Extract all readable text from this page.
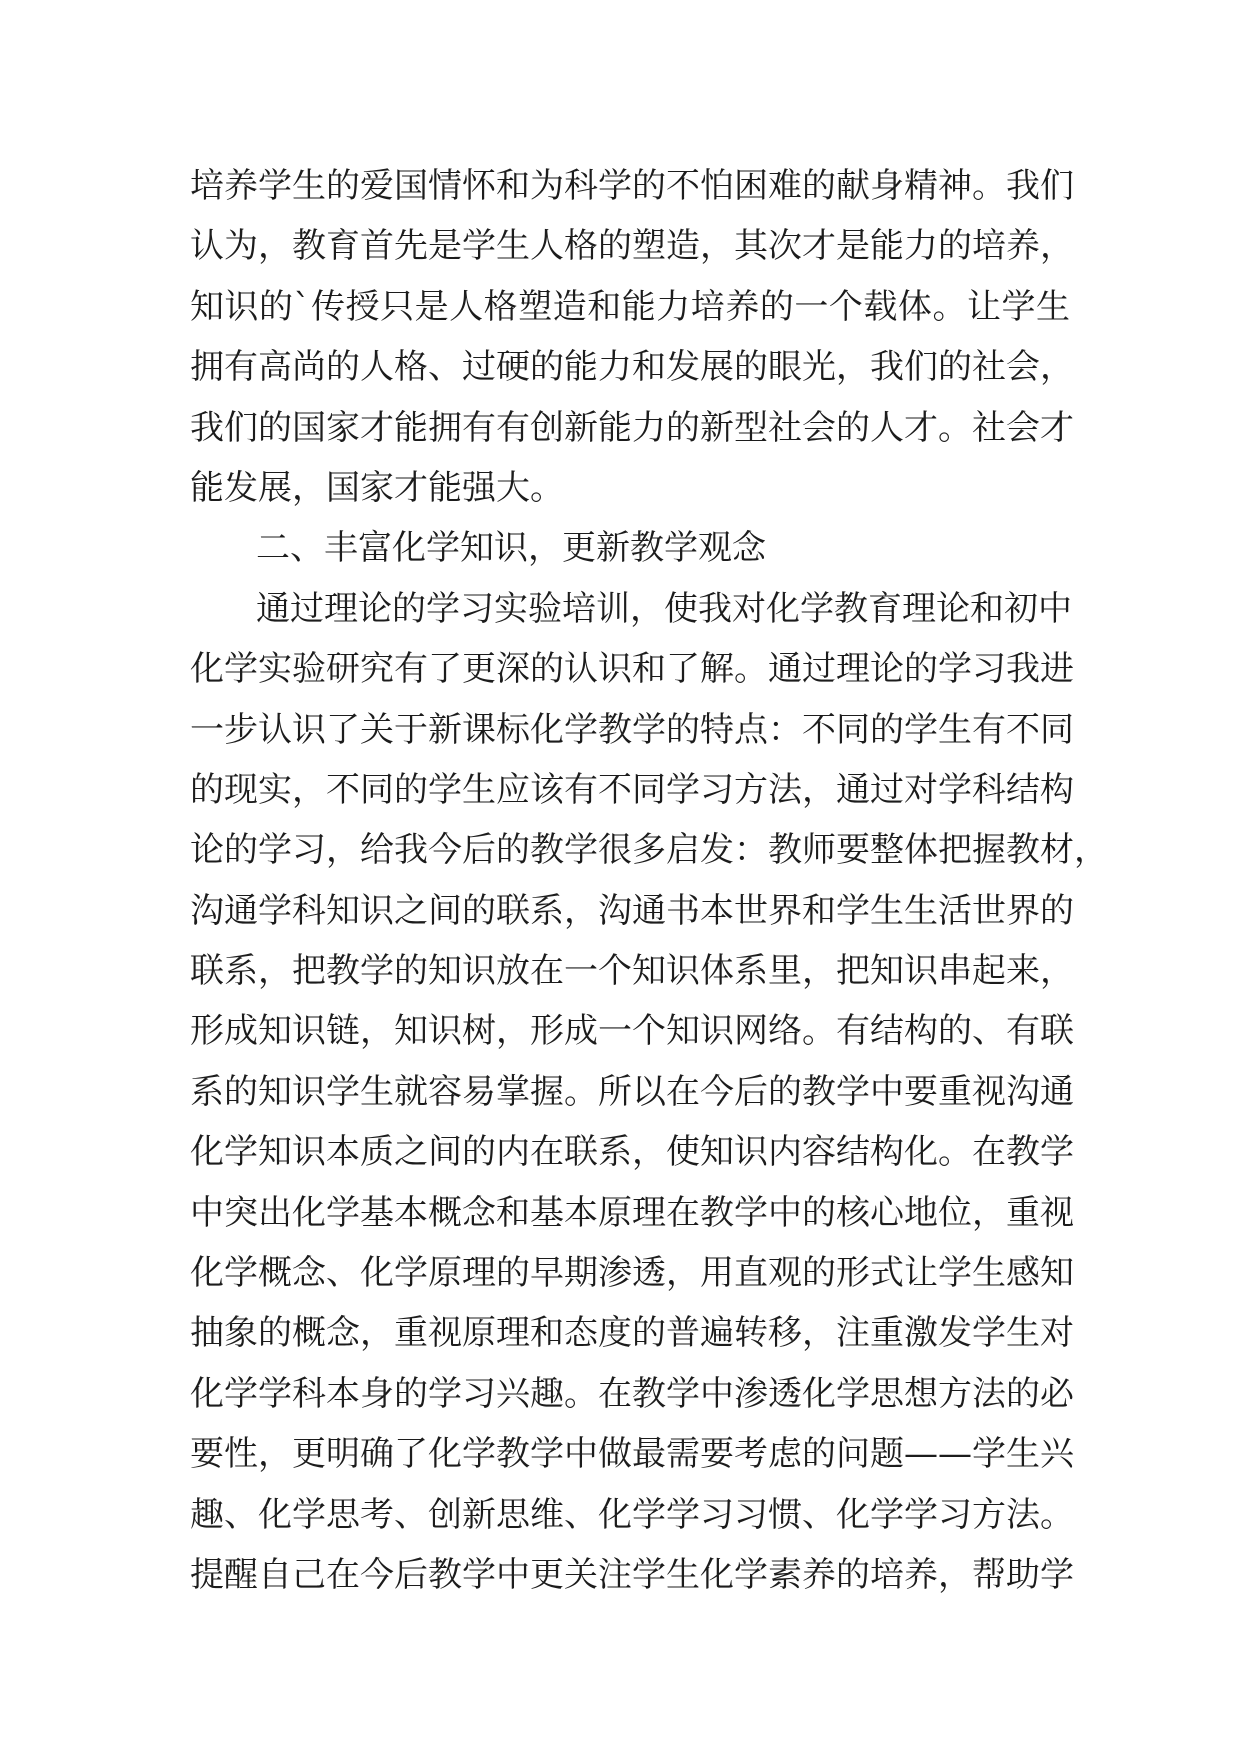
培养学生的爱国情怀和为科学的不怕困难的献身精神。我们
认为，教育首先是学生人格的塑造，其次才是能力的培养，
知识的`传授只是人格塑造和能力培养的一个载体。让学生
拥有高尚的人格、过硬的能力和发展的眼光，我们的社会，
我们的国家才能拥有有创新能力的新型社会的人才。社会才
能发展，国家才能强大。
二、丰富化学知识，更新教学观念
通过理论的学习实验培训，使我对化学教育理论和初中
化学实验研究有了更深的认识和了解。通过理论的学习我进
一步认识了关于新课标化学教学的特点：不同的学生有不同
的现实，不同的学生应该有不同学习方法，通过对学科结构
论的学习，给我今后的教学很多启发：教师要整体把握教材，
沟通学科知识之间的联系，沟通书本世界和学生生活世界的
联系，把教学的知识放在一个知识体系里，把知识串起来，
形成知识链，知识树，形成一个知识网络。有结构的、有联
系的知识学生就容易掌握。所以在今后的教学中要重视沟通
化学知识本质之间的内在联系，使知识内容结构化。在教学
中突出化学基本概念和基本原理在教学中的核心地位，重视
化学概念、化学原理的早期渗透，用直观的形式让学生感知
抽象的概念，重视原理和态度的普遍转移，注重激发学生对
化学学科本身的学习兴趣。在教学中渗透化学思想方法的必
要性，更明确了化学教学中做最需要考虑的问题——学生兴
趣、化学思考、创新思维、化学学习习惯、化学学习方法。
提醒自己在今后教学中更关注学生化学素养的培养，帮助学
